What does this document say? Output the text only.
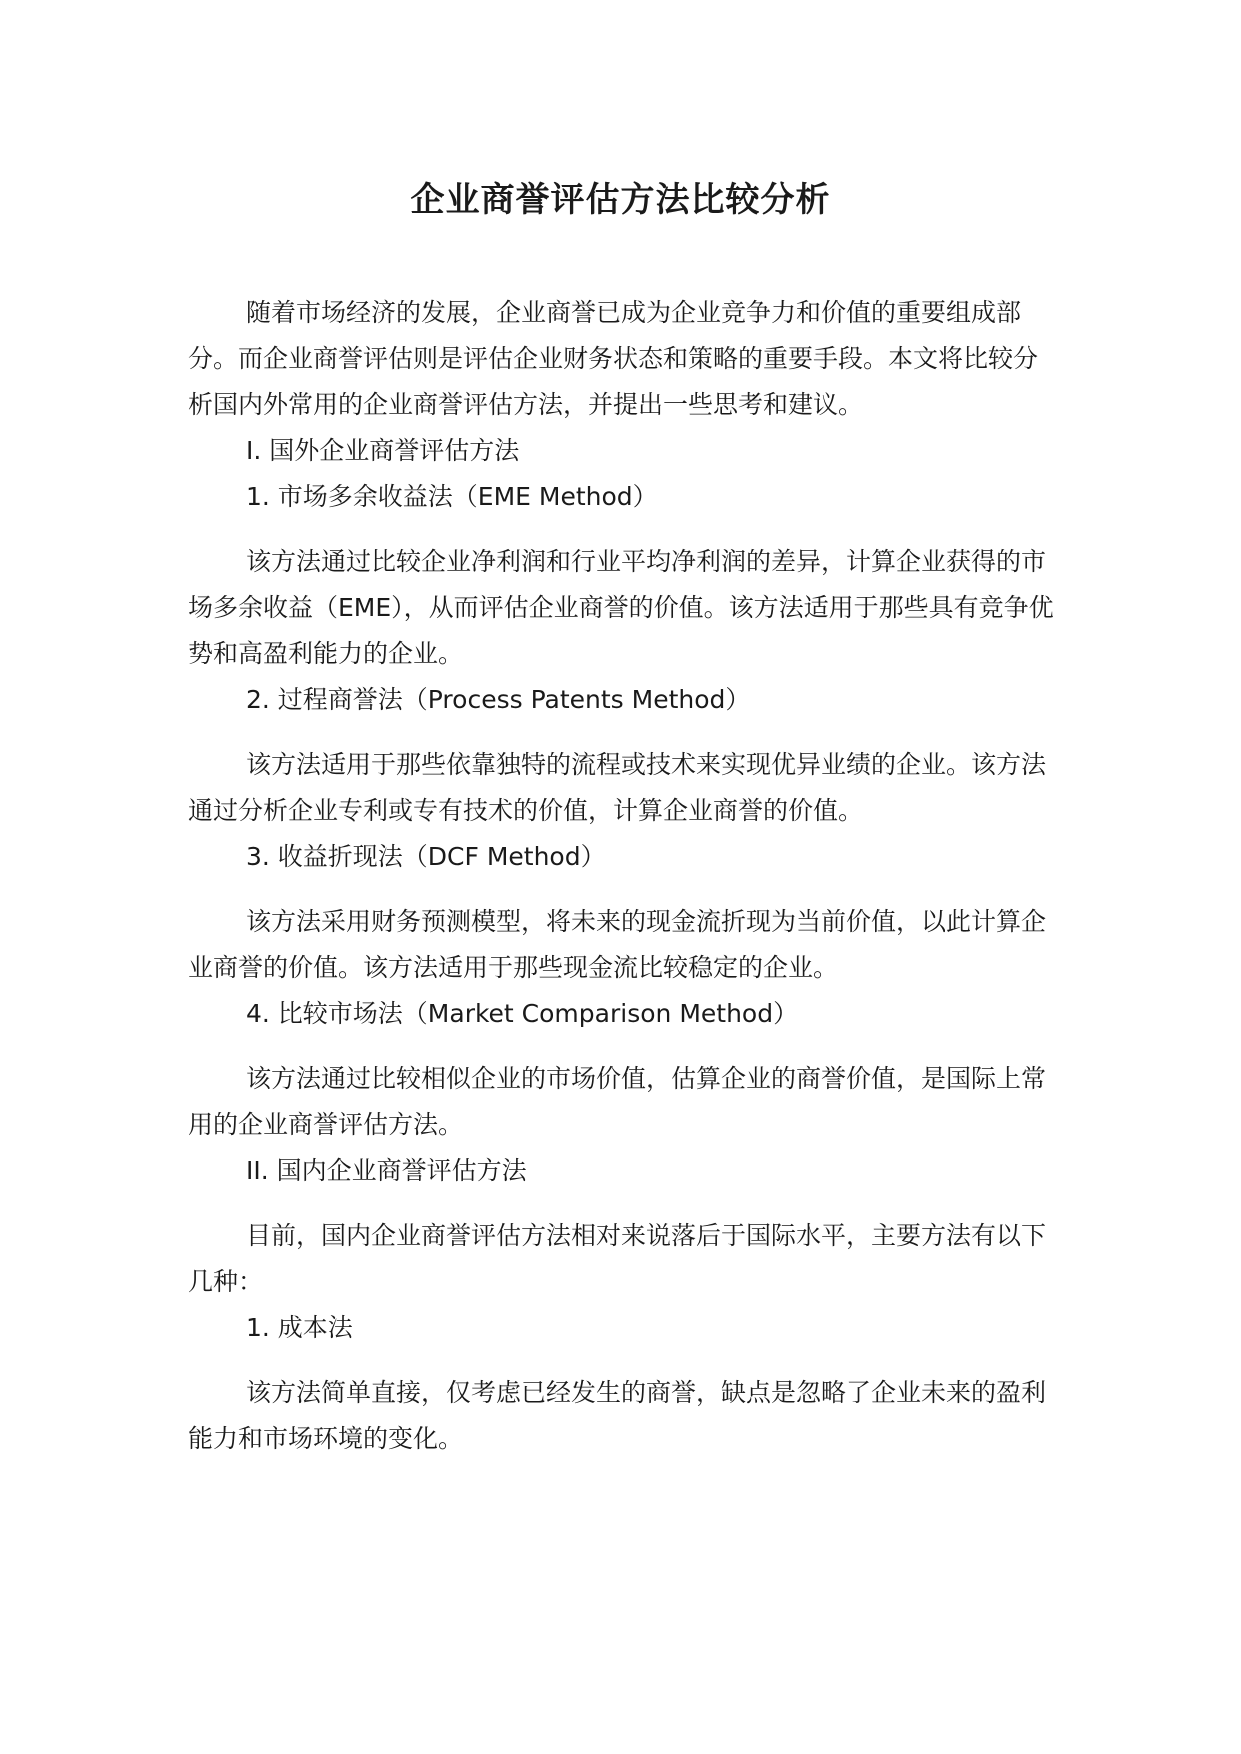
企业商誉评估方法比较分析

随着市场经济的发展，企业商誉已成为企业竞争力和价值的重要组成部分。而企业商誉评估则是评估企业财务状态和策略的重要手段。本文将比较分析国内外常用的企业商誉评估方法，并提出一些思考和建议。

I. 国外企业商誉评估方法

1. 市场多余收益法（EME Method）

该方法通过比较企业净利润和行业平均净利润的差异，计算企业获得的市场多余收益（EME），从而评估企业商誉的价值。该方法适用于那些具有竞争优势和高盈利能力的企业。

2. 过程商誉法（Process Patents Method）

该方法适用于那些依靠独特的流程或技术来实现优异业绩的企业。该方法通过分析企业专利或专有技术的价值，计算企业商誉的价值。

3. 收益折现法（DCF Method）

该方法采用财务预测模型，将未来的现金流折现为当前价值，以此计算企业商誉的价值。该方法适用于那些现金流比较稳定的企业。

4. 比较市场法（Market Comparison Method）

该方法通过比较相似企业的市场价值，估算企业的商誉价值，是国际上常用的企业商誉评估方法。

II. 国内企业商誉评估方法

目前，国内企业商誉评估方法相对来说落后于国际水平，主要方法有以下几种：

1. 成本法

该方法简单直接，仅考虑已经发生的商誉，缺点是忽略了企业未来的盈利能力和市场环境的变化。
